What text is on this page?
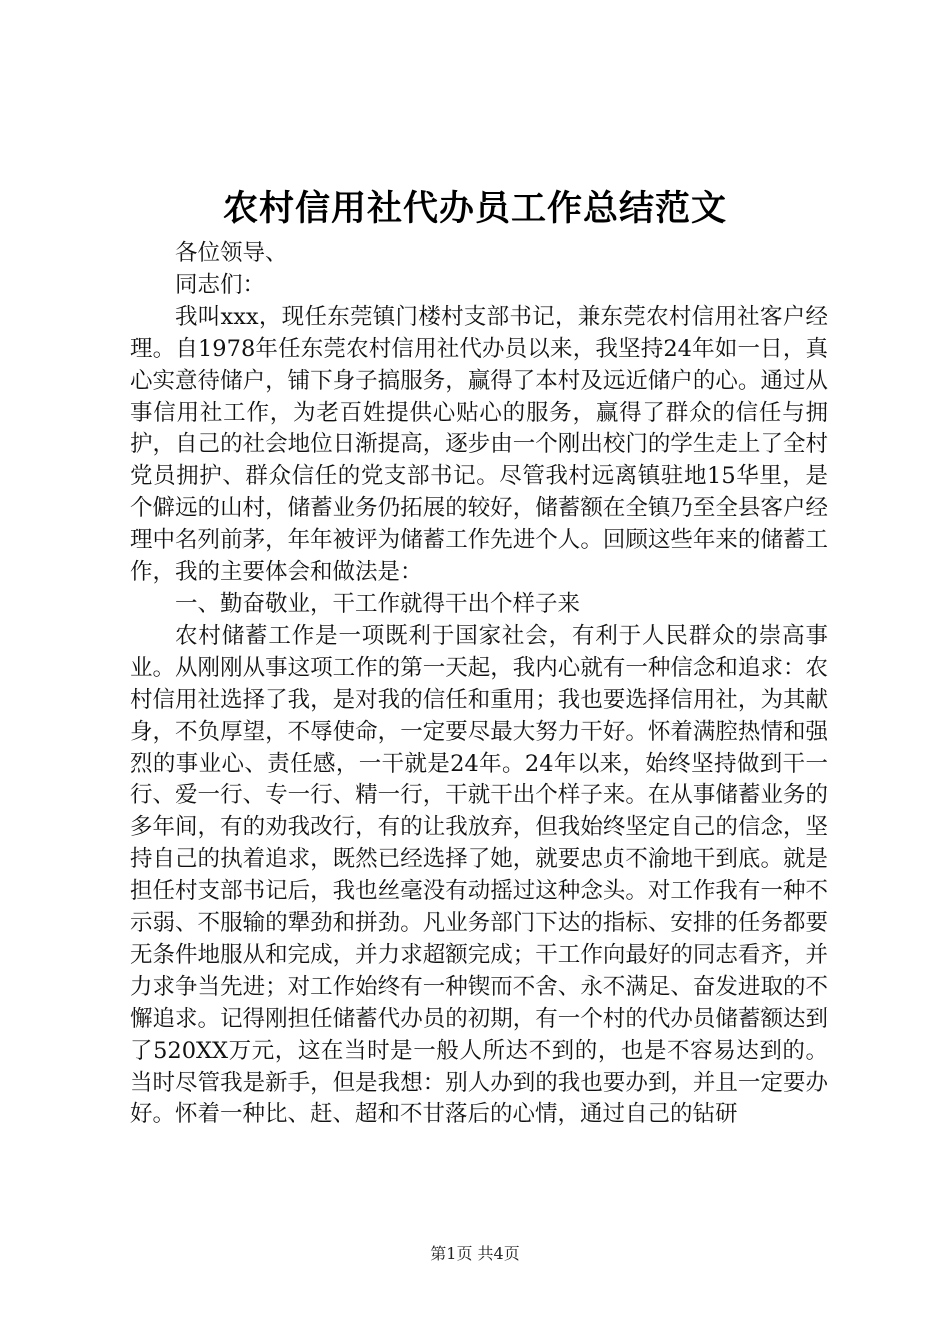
农村信用社代办员工作总结范文

各位领导、

同志们：

我叫xxx，现任东莞镇门楼村支部书记，兼东莞农村信用社客户经理。自1978年任东莞农村信用社代办员以来，我坚持24年如一日，真心实意待储户，铺下身子搞服务，赢得了本村及远近储户的心。通过从事信用社工作，为老百姓提供心贴心的服务，赢得了群众的信任与拥护，自己的社会地位日渐提高，逐步由一个刚出校门的学生走上了全村党员拥护、群众信任的党支部书记。尽管我村远离镇驻地15华里，是个僻远的山村，储蓄业务仍拓展的较好，储蓄额在全镇乃至全县客户经理中名列前茅，年年被评为储蓄工作先进个人。回顾这些年来的储蓄工作，我的主要体会和做法是：

一、勤奋敬业，干工作就得干出个样子来

农村储蓄工作是一项既利于国家社会，有利于人民群众的崇高事业。从刚刚从事这项工作的第一天起，我内心就有一种信念和追求：农村信用社选择了我，是对我的信任和重用；我也要选择信用社，为其献身，不负厚望，不辱使命，一定要尽最大努力干好。怀着满腔热情和强烈的事业心、责任感，一干就是24年。24年以来，始终坚持做到干一行、爱一行、专一行、精一行，干就干出个样子来。在从事储蓄业务的多年间，有的劝我改行，有的让我放弃，但我始终坚定自己的信念，坚持自己的执着追求，既然已经选择了她，就要忠贞不渝地干到底。就是担任村支部书记后，我也丝毫没有动摇过这种念头。对工作我有一种不示弱、不服输的犟劲和拼劲。凡业务部门下达的指标、安排的任务都要无条件地服从和完成，并力求超额完成；干工作向最好的同志看齐，并力求争当先进；对工作始终有一种锲而不舍、永不满足、奋发进取的不懈追求。记得刚担任储蓄代办员的初期，有一个村的代办员储蓄额达到了520XX万元，这在当时是一般人所达不到的，也是不容易达到的。当时尽管我是新手，但是我想：别人办到的我也要办到，并且一定要办好。怀着一种比、赶、超和不甘落后的心情，通过自己的钻研

第1页 共4页
